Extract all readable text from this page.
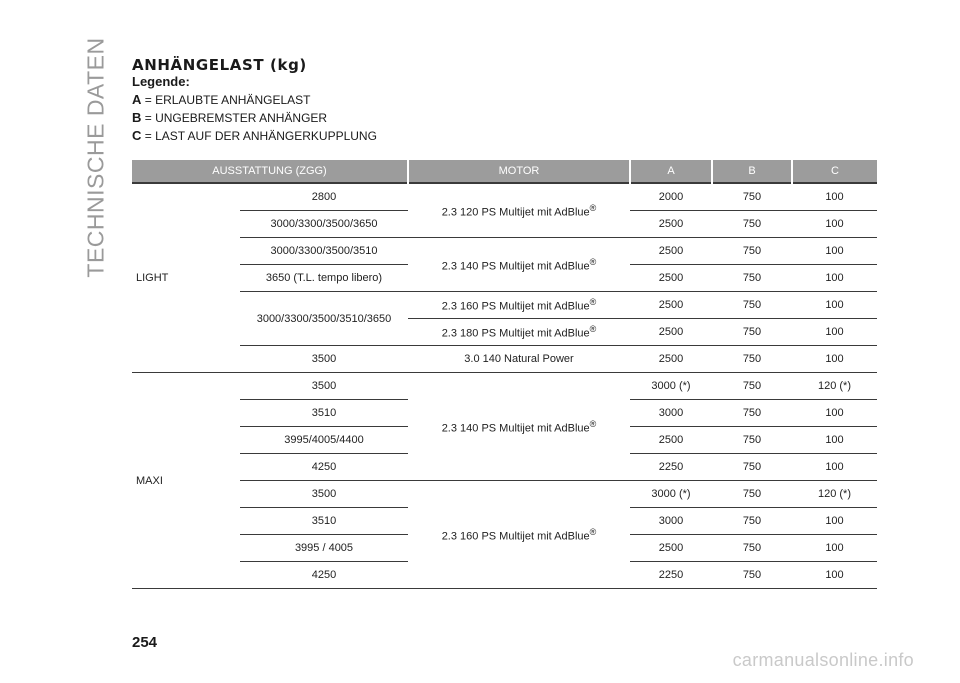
TECHNISCHE DATEN ANHÄNGELAST (kg)
Legende:
A = ERLAUBTE ANHÄNGELAST
B = UNGEBREMSTER ANHÄNGER
C = LAST AUF DER ANHÄNGERKUPPLUNG
AUSSTATTUNG (ZGG)		MOTOR	A	B	C
LIGHT	2800	2.3 120 PS Multijet mit AdBlue®	2000	750	100
	3000/3300/3500/3650		2500	750	100
	3000/3300/3500/3510	2.3 140 PS Multijet mit AdBlue®	2500	750	100
	3650 (T.L. tempo libero)		2500	750	100
	3000/3300/3500/3510/3650	2.3 160 PS Multijet mit AdBlue®	2500	750	100
		2.3 180 PS Multijet mit AdBlue®	2500	750	100
	3500	3.0 140 Natural Power	2500	750	100
MAXI	3500	2.3 140 PS Multijet mit AdBlue®	3000 (*)	750	120 (*)
	3510		3000	750	100
	3995/4005/4400		2500	750	100
	4250		2250	750	100
	3500	2.3 160 PS Multijet mit AdBlue®	3000 (*)	750	120 (*)
	3510		3000	750	100
	3995 / 4005		2500	750	100
	4250		2250	750	100
254
carmanualsonline.info
